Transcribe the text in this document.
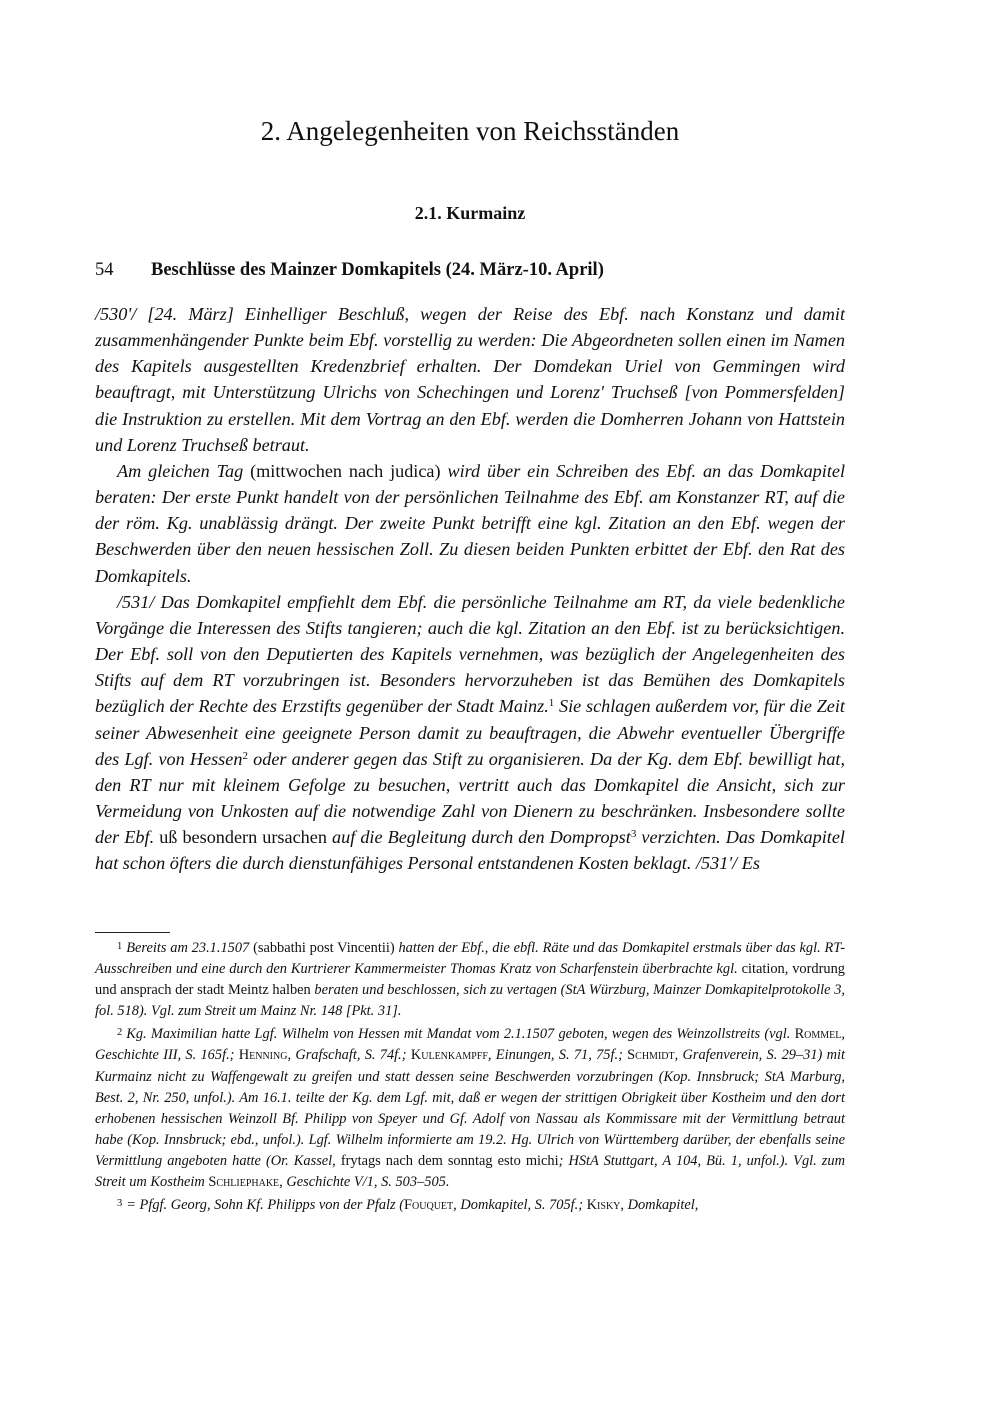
2. Angelegenheiten von Reichsständen
2.1. Kurmainz
54 Beschlüsse des Mainzer Domkapitels (24. März-10. April)

/530'/ [24. März] Einhelliger Beschluß, wegen der Reise des Ebf. nach Konstanz und damit zusammenhängender Punkte beim Ebf. vorstellig zu werden: Die Abgeordneten sollen einen im Namen des Kapitels ausgestellten Kredenzbrief erhalten. Der Domdekan Uriel von Gemmingen wird beauftragt, mit Unterstützung Ulrichs von Schechingen und Lorenz' Truchseß [von Pommersfelden] die Instruktion zu erstellen. Mit dem Vortrag an den Ebf. werden die Domherren Johann von Hattstein und Lorenz Truchseß betraut.

Am gleichen Tag (mittwochen nach judica) wird über ein Schreiben des Ebf. an das Domkapitel beraten: Der erste Punkt handelt von der persönlichen Teilnahme des Ebf. am Konstanzer RT, auf die der röm. Kg. unablässig drängt. Der zweite Punkt betrifft eine kgl. Zitation an den Ebf. wegen der Beschwerden über den neuen hessischen Zoll. Zu diesen beiden Punkten erbittet der Ebf. den Rat des Domkapitels.

/531/ Das Domkapitel empfiehlt dem Ebf. die persönliche Teilnahme am RT, da viele bedenkliche Vorgänge die Interessen des Stifts tangieren; auch die kgl. Zitation an den Ebf. ist zu berücksichtigen. Der Ebf. soll von den Deputierten des Kapitels vernehmen, was bezüglich der Angelegenheiten des Stifts auf dem RT vorzubringen ist. Besonders hervorzuheben ist das Bemühen des Domkapitels bezüglich der Rechte des Erzstifts gegenüber der Stadt Mainz.$^1$ Sie schlagen außerdem vor, für die Zeit seiner Abwesenheit eine geeignete Person damit zu beauftragen, die Abwehr eventueller Übergriffe des Lgf. von Hessen$^2$ oder anderer gegen das Stift zu organisieren. Da der Kg. dem Ebf. bewilligt hat, den RT nur mit kleinem Gefolge zu besuchen, vertritt auch das Domkapitel die Ansicht, sich zur Vermeidung von Unkosten auf die notwendige Zahl von Dienern zu beschränken. Insbesondere sollte der Ebf. uß besondern ursachen auf die Begleitung durch den Dompropst$^3$ verzichten. Das Domkapitel hat schon öfters die durch dienstunfähiges Personal entstandenen Kosten beklagt. /531'/ Es

$^1$ Bereits am 23.1.1507 (sabbathi post Vincentii) hatten der Ebf., die ebfl. Räte und das Domkapitel erstmals über das kgl. RT-Ausschreiben und eine durch den Kurtrierer Kammermeister Thomas Kratz von Scharfenstein überbrachte kgl. citation, vordrung und ansprach der stadt Meintz halben beraten und beschlossen, sich zu vertagen (StA Würzburg, Mainzer Domkapitelprotokolle 3, fol. 518). Vgl. zum Streit um Mainz Nr. 148 [Pkt. 31].

$^2$ Kg. Maximilian hatte Lgf. Wilhelm von Hessen mit Mandat vom 2.1.1507 geboten, wegen des Weinzollstreits (vgl. Rommel, Geschichte III, S. 165f.; Henning, Grafschaft, S. 74f.; Kulenkampff, Einungen, S. 71, 75f.; Schmidt, Grafenverein, S. 29–31) mit Kurmainz nicht zu Waffengewalt zu greifen und statt dessen seine Beschwerden vorzubringen (Kop. Innsbruck; StA Marburg, Best. 2, Nr. 250, unfol.). Am 16.1. teilte der Kg. dem Lgf. mit, daß er wegen der strittigen Obrigkeit über Kostheim und den dort erhobenen hessischen Weinzoll Bf. Philipp von Speyer und Gf. Adolf von Nassau als Kommissare mit der Vermittlung betraut habe (Kop. Innsbruck; ebd., unfol.). Lgf. Wilhelm informierte am 19.2. Hg. Ulrich von Württemberg darüber, der ebenfalls seine Vermittlung angeboten hatte (Or. Kassel, frytags nach dem sonntag esto michi; HStA Stuttgart, A 104, Bü. 1, unfol.). Vgl. zum Streit um Kostheim Schliephake, Geschichte V/1, S. 503–505.

$^3$ = Pfgf. Georg, Sohn Kf. Philipps von der Pfalz (Fouquet, Domkapitel, S. 705f.; Kisky, Domkapitel,
